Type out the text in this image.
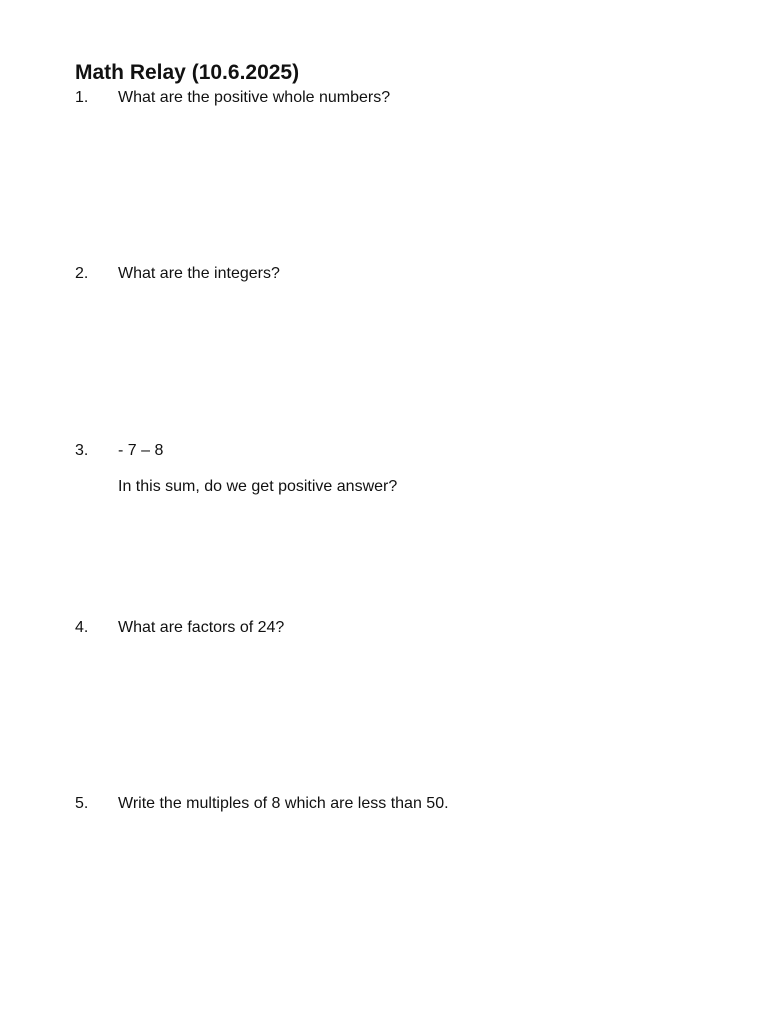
Math Relay (10.6.2025)
1.	What are the positive whole numbers?
2.	What are the integers?
3.	- 7 – 8
In this sum, do we get positive answer?
4.	What are factors of 24?
5.	Write the multiples of 8 which are less than 50.
